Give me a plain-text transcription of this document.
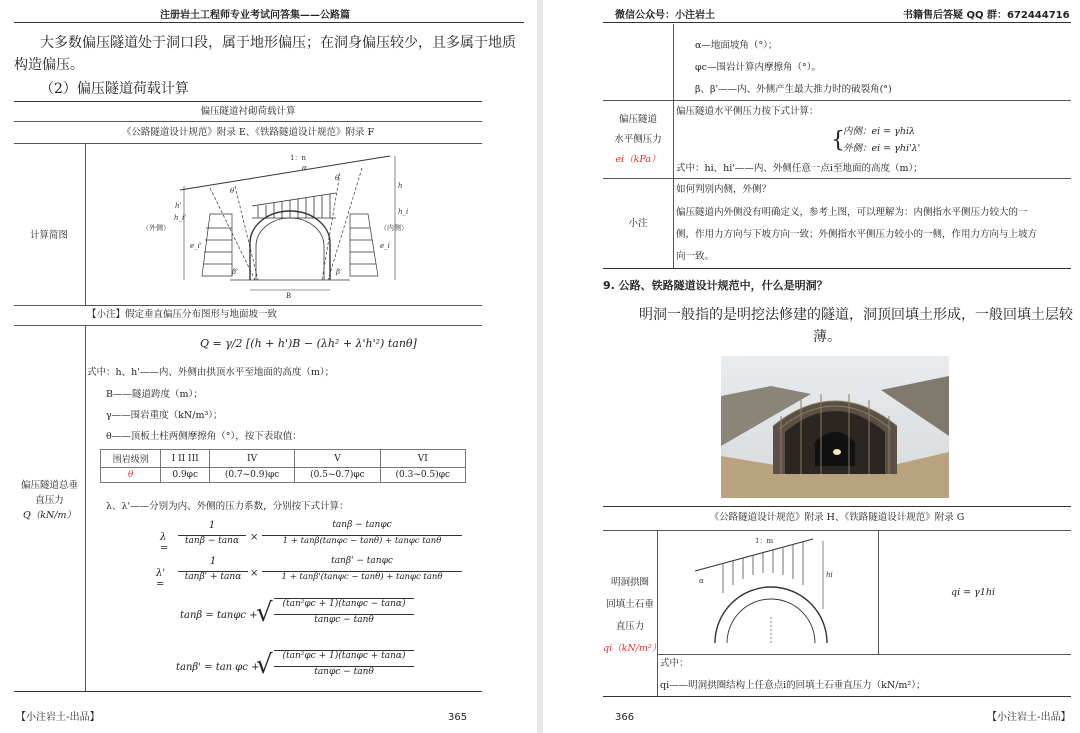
注册岩土工程师专业考试问答集——公路篇
大多数偏压隧道处于洞口段，属于地形偏压；在洞身偏压较少，且多属于地质构造偏压。
（2）偏压隧道荷载计算
偏压隧道衬砌荷载计算
《公路隧道设计规范》附录 E、《铁路隧道设计规范》附录 F
计算简图
1：n
α
h'
h
h_i'
h_i
θ
θ
（外侧）	（内侧）
e_i'	e_i
β'	β
B
【小注】假定垂直偏压分布图形与地面坡一致
偏压隧道总垂
直压力
Q（kN/m）
Q = γ/2 [(h + h')B − (λh² + λ'h'²) tanθ]
式中：h、h'——内、外侧由拱顶水平至地面的高度（m）；
B——隧道跨度（m）；
γ——围岩重度（kN/m³）；
θ——顶板土柱两侧摩擦角（°），按下表取值：
围岩级别	I II III	IV	V	VI
θ	0.9φc	(0.7~0.9)φc	(0.5~0.7)φc	(0.3~0.5)φc
λ、λ'——分别为内、外侧的压力系数，分别按下式计算：
λ =
1
tanβ − tanα	×
tanβ − tanφc
1 + tanβ(tanφc − tanθ) + tanφc tanθ
λ' =
1
tanβ' + tanα ×
tanβ' − tanφc
1 + tanβ'(tanφc − tanθ) + tanφc tanθ
tanβ = tanφc +
√	(tan²φc + 1)(tanφc − tanα)
tanφc − tanθ
tanβ' = tan φc +
√	(tan²φc + 1)(tanφc + tanα)
tanφc − tanθ
【小注岩土-出品】	365
微信公众号：小注岩土	书籍售后答疑 QQ 群：672444716
α—地面坡角（°）；
φc—围岩计算内摩擦角（°）。
β、β'——内、外侧产生最大推力时的破裂角(°)
偏压隧道
水平侧压力
ei（kPa）
偏压隧道水平侧压力按下式计算：
{
内侧：ei = γhiλ
外侧：ei = γhi'λ'
式中：hi、hi'——内、外侧任意一点i至地面的高度（m）；
小注
如何判别内侧，外侧？
偏压隧道内外侧没有明确定义，参考上图，可以理解为：内侧指水平侧压力较大的一
侧，作用力方向与下坡方向一致；外侧指水平侧压力较小的一侧，作用力方向与上坡方
向一致。
9. 公路、铁路隧道设计规范中，什么是明洞？
明洞一般指的是明挖法修建的隧道，洞顶回填土形成，一般回填土层较
薄。
《公路隧道设计规范》附录 H、《铁路隧道设计规范》附录 G
明洞拱圈
回填土石垂
直压力
qi（kN/m²）
1：m
α
hi
qi = γ1hi
式中：
qi——明洞拱圈结构上任意点i的回填土石垂直压力（kN/m²）；
366	【小注岩土-出品】
